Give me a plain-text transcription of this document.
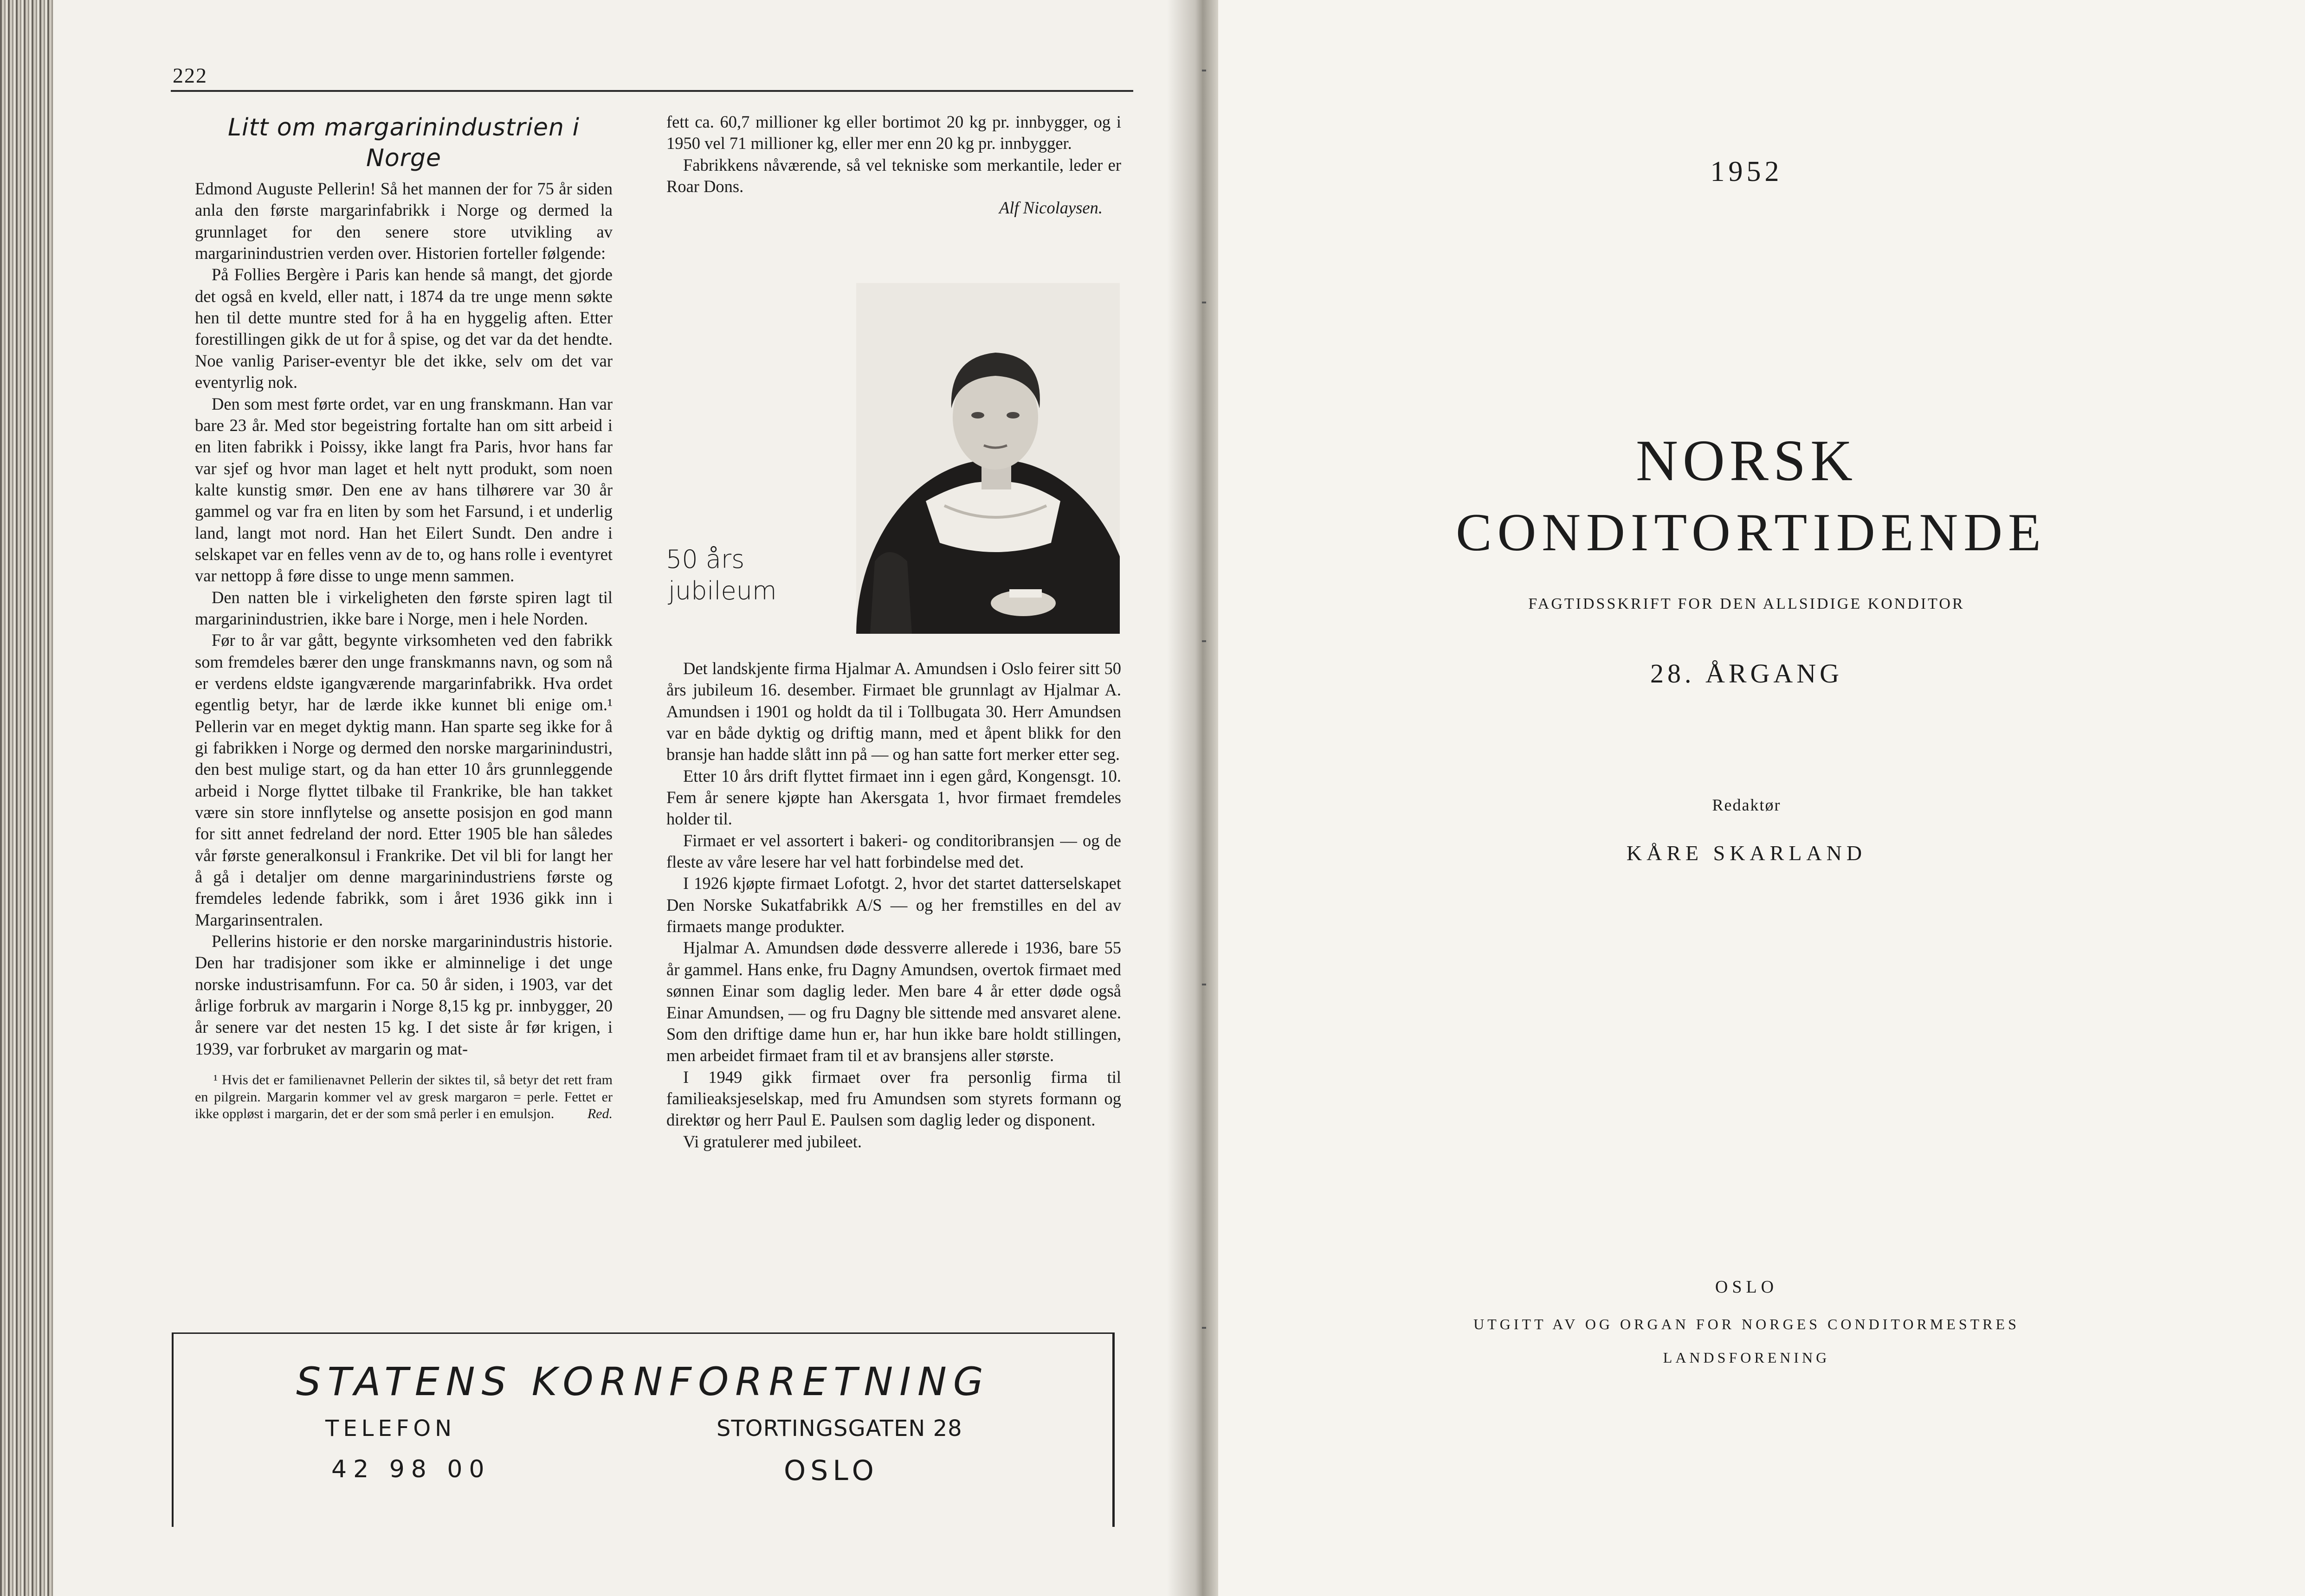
222
Litt om margarinindustrien i Norge

Edmond Auguste Pellerin! Så het mannen der for 75 år siden anla den første margarinfabrikk i Norge og dermed la grunnlaget for den senere store utvikling av margarinindustrien verden over. Historien forteller følgende:

På Follies Bergère i Paris kan hende så mangt, det gjorde det også en kveld, eller natt, i 1874 da tre unge menn søkte hen til dette muntre sted for å ha en hyggelig aften. Etter forestillingen gikk de ut for å spise, og det var da det hendte. Noe vanlig Pariser-eventyr ble det ikke, selv om det var eventyrlig nok.

Den som mest førte ordet, var en ung franskmann. Han var bare 23 år. Med stor begeistring fortalte han om sitt arbeid i en liten fabrikk i Poissy, ikke langt fra Paris, hvor hans far var sjef og hvor man laget et helt nytt produkt, som noen kalte kunstig smør. Den ene av hans tilhørere var 30 år gammel og var fra en liten by som het Farsund, i et underlig land, langt mot nord. Han het Eilert Sundt. Den andre i selskapet var en felles venn av de to, og hans rolle i eventyret var nettopp å føre disse to unge menn sammen.

Den natten ble i virkeligheten den første spiren lagt til margarinindustrien, ikke bare i Norge, men i hele Norden.

Før to år var gått, begynte virksomheten ved den fabrikk som fremdeles bærer den unge franskmanns navn, og som nå er verdens eldste igangværende margarinfabrikk. Hva ordet egentlig betyr, har de lærde ikke kunnet bli enige om.¹ Pellerin var en meget dyktig mann. Han sparte seg ikke for å gi fabrikken i Norge og dermed den norske margarinindustri, den best mulige start, og da han etter 10 års grunnleggende arbeid i Norge flyttet tilbake til Frankrike, ble han takket være sin store innflytelse og ansette posisjon en god mann for sitt annet fedreland der nord. Etter 1905 ble han således vår første generalkonsul i Frankrike. Det vil bli for langt her å gå i detaljer om denne margarinindustriens første og fremdeles ledende fabrikk, som i året 1936 gikk inn i Margarinsentralen.

Pellerins historie er den norske margarinindustris historie. Den har tradisjoner som ikke er alminnelige i det unge norske industrisamfunn. For ca. 50 år siden, i 1903, var det årlige forbruk av margarin i Norge 8,15 kg pr. innbygger, 20 år senere var det nesten 15 kg. I det siste år før krigen, i 1939, var forbruket av margarin og mat-

¹ Hvis det er familienavnet Pellerin der siktes til, så betyr det rett fram en pilgrein. Margarin kommer vel av gresk margaron = perle. Fettet er ikke oppløst i margarin, det er der som små perler i en emulsjon.	Red.

fett ca. 60,7 millioner kg eller bortimot 20 kg pr. innbygger, og i 1950 vel 71 millioner kg, eller mer enn 20 kg pr. innbygger.

Fabrikkens nåværende, så vel tekniske som merkantile, leder er Roar Dons.

Alf Nicolaysen.
50 års
jubileum

Det landskjente firma Hjalmar A. Amundsen i Oslo feirer sitt 50 års jubileum 16. desember. Firmaet ble grunnlagt av Hjalmar A. Amundsen i 1901 og holdt da til i Tollbugata 30. Herr Amundsen var en både dyktig og driftig mann, med et åpent blikk for den bransje han hadde slått inn på — og han satte fort merker etter seg.

Etter 10 års drift flyttet firmaet inn i egen gård, Kongensgt. 10. Fem år senere kjøpte han Akersgata 1, hvor firmaet fremdeles holder til.

Firmaet er vel assortert i bakeri- og conditoribransjen — og de fleste av våre lesere har vel hatt forbindelse med det.

I 1926 kjøpte firmaet Lofotgt. 2, hvor det startet datterselskapet Den Norske Sukatfabrikk A/S — og her fremstilles en del av firmaets mange produkter.

Hjalmar A. Amundsen døde dessverre allerede i 1936, bare 55 år gammel. Hans enke, fru Dagny Amundsen, overtok firmaet med sønnen Einar som daglig leder. Men bare 4 år etter døde også Einar Amundsen, — og fru Dagny ble sittende med ansvaret alene. Som den driftige dame hun er, har hun ikke bare holdt stillingen, men arbeidet firmaet fram til et av bransjens aller største.

I 1949 gikk firmaet over fra personlig firma til familieaksjeselskap, med fru Amundsen som styrets formann og direktør og herr Paul E. Paulsen som daglig leder og disponent.

Vi gratulerer med jubileet.

STATENS KORNFORRETNING
TELEFON
42 98 00
STORTINGSGATEN 28
OSLO
1952
NORSK
CONDITORTIDENDE
FAGTIDSSKRIFT FOR DEN ALLSIDIGE KONDITOR
28. ÅRGANG
Redaktør
KÅRE SKARLAND
OSLO
UTGITT AV OG ORGAN FOR NORGES CONDITORMESTRES
LANDSFORENING
